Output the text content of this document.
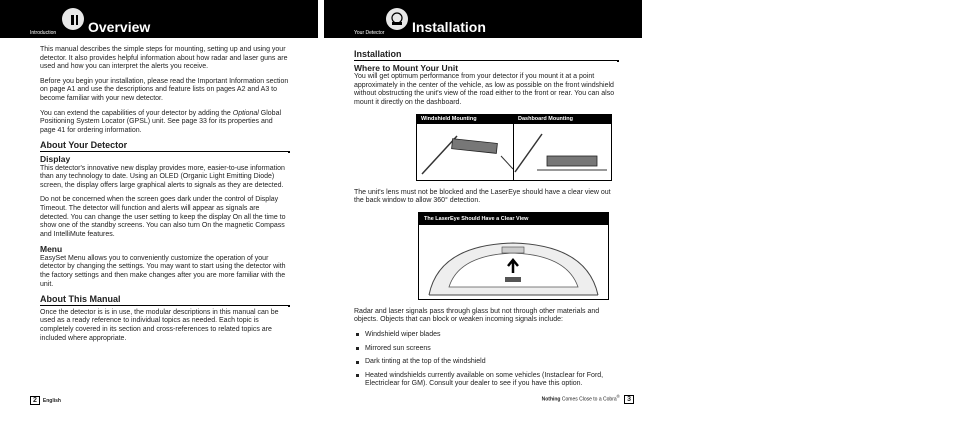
Introduction Overview

This manual describes the simple steps for mounting, setting up and using your detector. It also provides helpful information about how radar and laser guns are used and how you can interpret the alerts you receive.

Before you begin your installation, please read the Important Information section on page A1 and use the descriptions and feature lists on pages A2 and A3 to become familiar with your new detector.

You can extend the capabilities of your detector by adding the Optional Global Positioning System Locator (GPSL) unit. See page 33 for its properties and page 41 for ordering information.

About Your Detector
Display

This detector's innovative new display provides more, easier-to-use information than any technology to date. Using an OLED (Organic Light Emitting Diode) screen, the display offers large graphical alerts to signals as they are detected.

Do not be concerned when the screen goes dark under the control of Display Timeout. The detector will function and alerts will appear as signals are detected. You can change the user setting to keep the display On all the time to show one of the standby screens. You can also turn On the magnetic Compass and IntelliMute features.

Menu

EasySet Menu allows you to conveniently customize the operation of your detector by changing the settings. You may want to start using the detector with the factory settings and then make changes after you are more familiar with the unit.

About This Manual

Once the detector is is in use, the modular descriptions in this manual can be used as a ready reference to individual topics as needed. Each topic is completely covered in its section and cross-references to related topics are included where appropriate.

2 English
Your Detector Installation
Installation
Where to Mount Your Unit

You will get optimum performance from your detector if you mount it at a point approximately in the center of the vehicle, as low as possible on the front windshield without obstructing the unit's view of the road either to the front or rear. You can also mount it directly on the dashboard.

Windshield Mounting	Dashboard Mounting

The unit's lens must not be blocked and the LaserEye should have a clear view out the back window to allow 360° detection.

The LaserEye Should Have a Clear View

Radar and laser signals pass through glass but not through other materials and objects. Objects that can block or weaken incoming signals include:

Windshield wiper blades
Mirrored sun screens
Dark tinting at the top of the windshield
Heated windshields currently available on some vehicles (Instaclear for Ford, Electriclear for GM). Consult your dealer to see if you have this option.
Nothing Comes Close to a Cobra® 3
